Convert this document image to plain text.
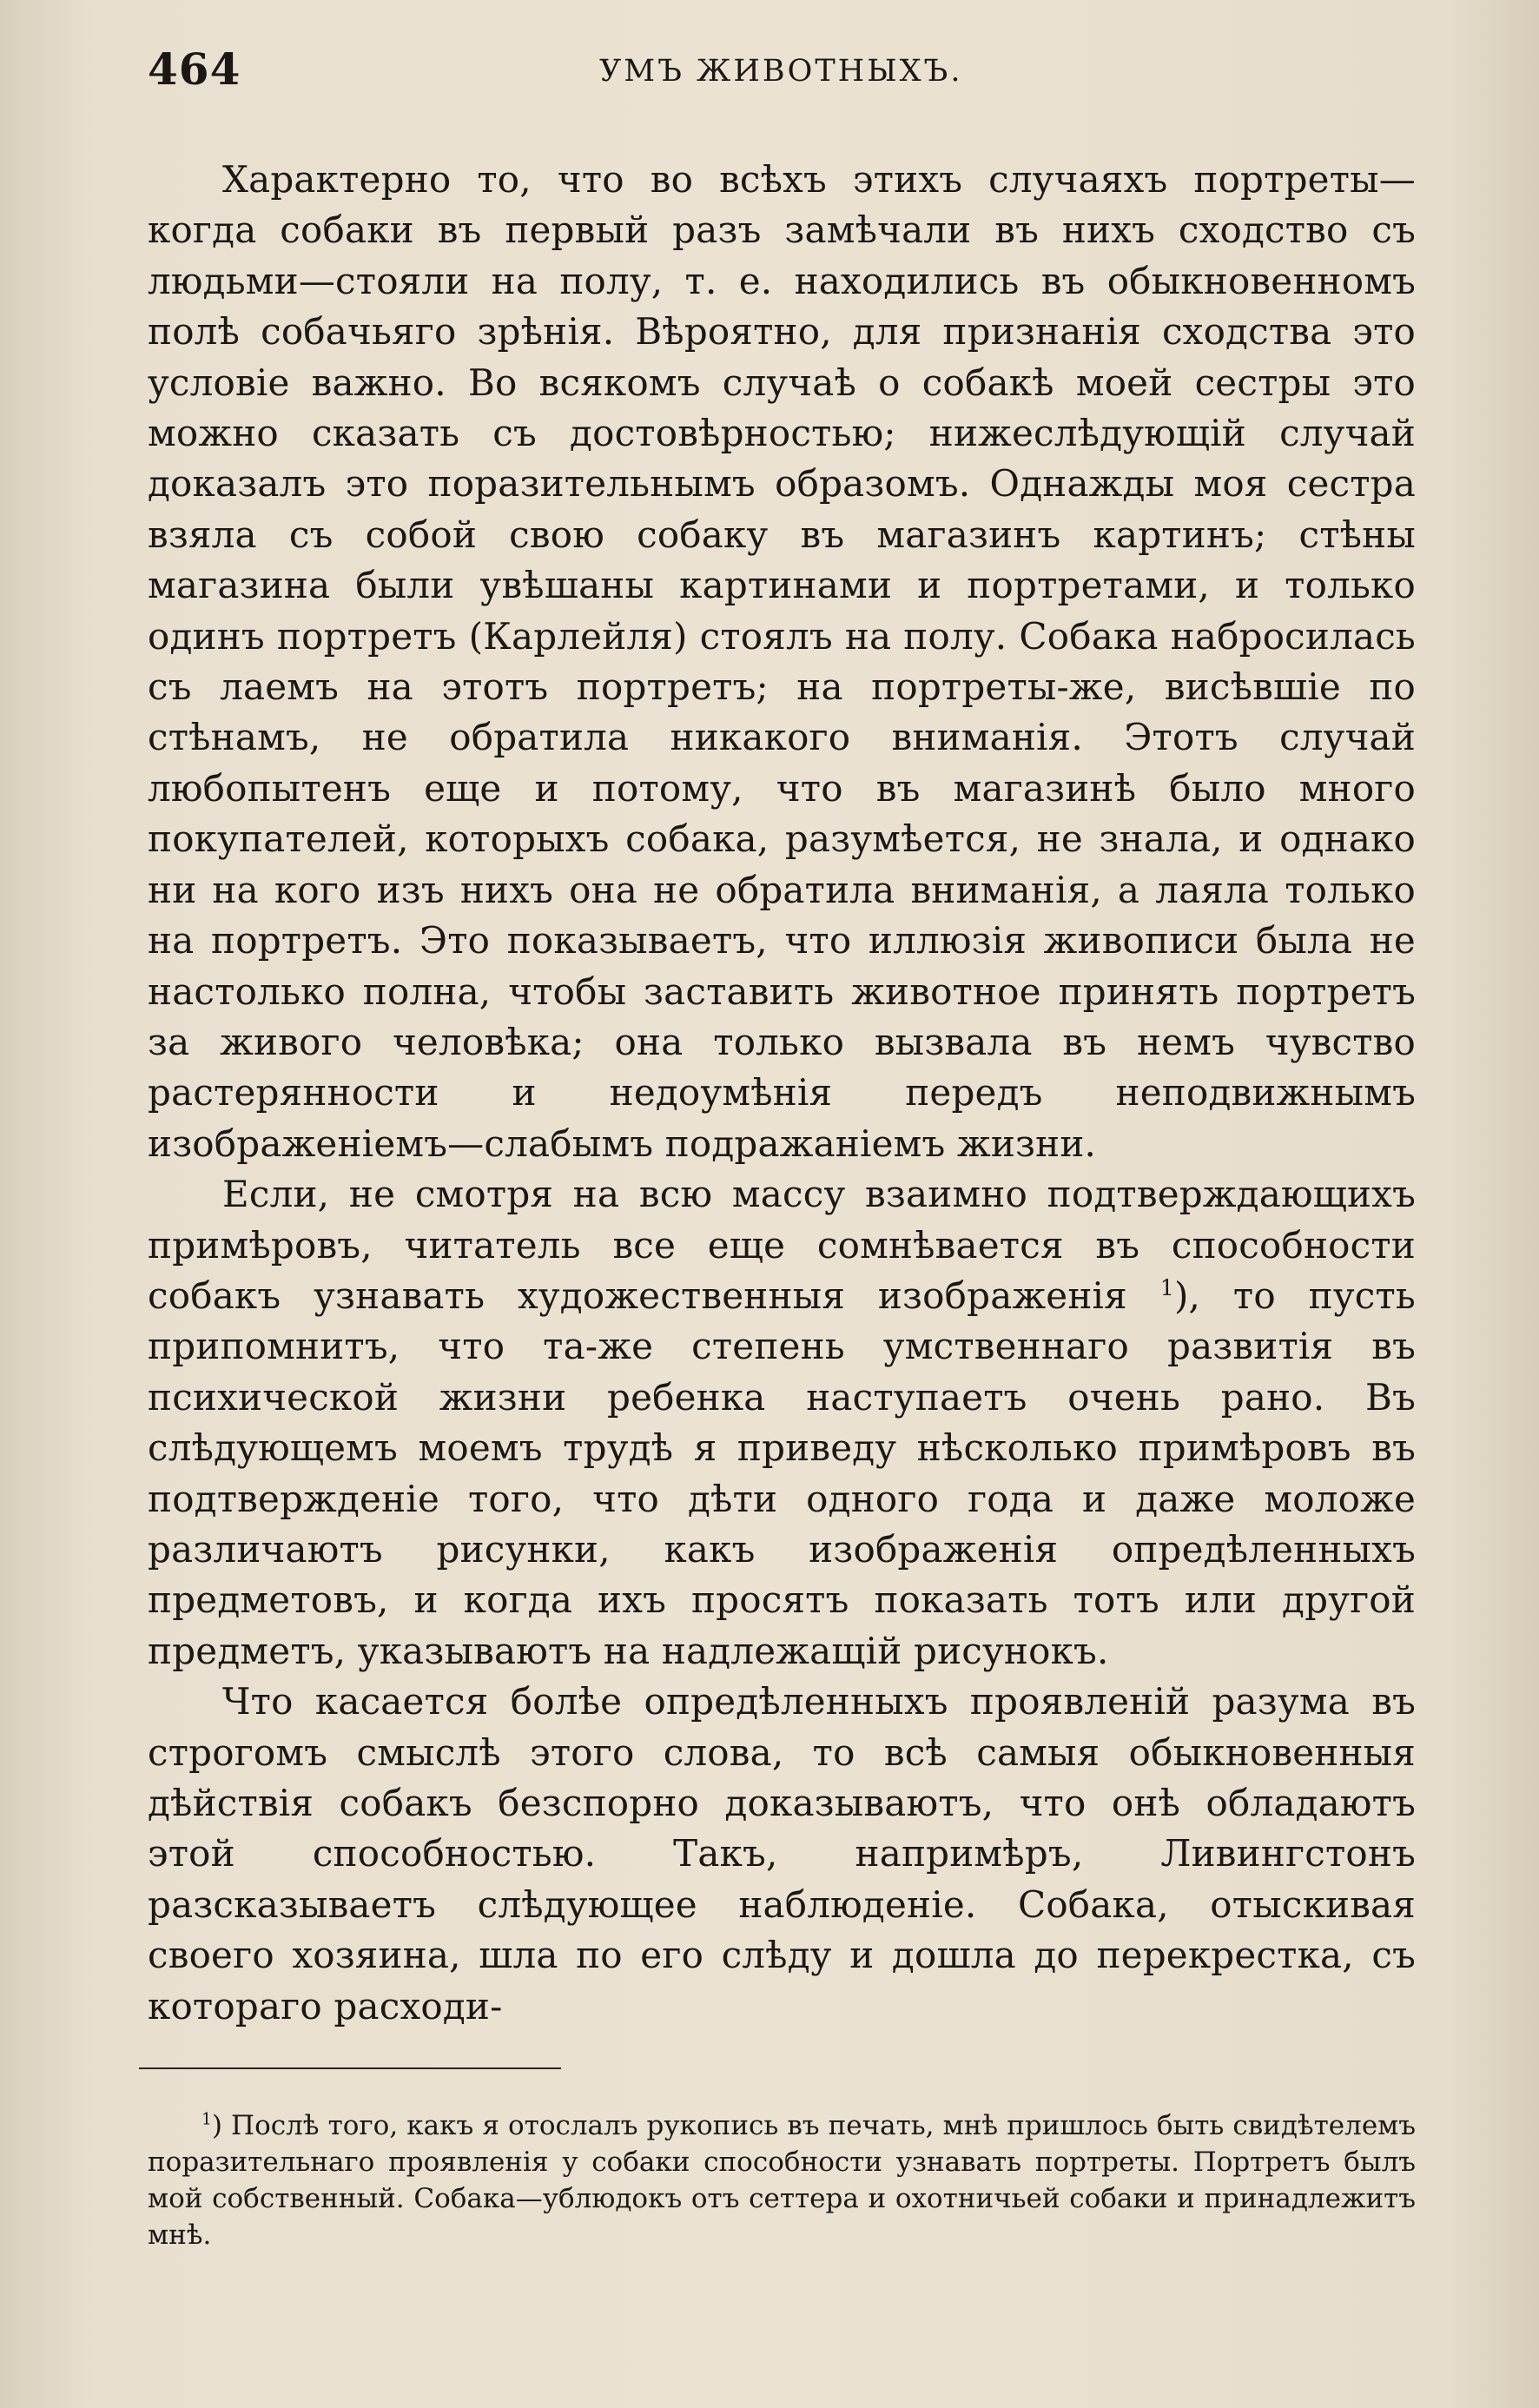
464	УМЪ ЖИВОТНЫХЪ.

Характерно то, что во всѣхъ этихъ случаяхъ портреты—когда собаки въ первый разъ замѣчали въ нихъ сходство съ людьми—стояли на полу, т. е. находились въ обыкновенномъ полѣ собачьяго зрѣнія. Вѣроятно, для признанія сходства это условіе важно. Во всякомъ случаѣ о собакѣ моей сестры это можно сказать съ достовѣрностью; нижеслѣдующій случай доказалъ это поразительнымъ образомъ. Однажды моя сестра взяла съ собой свою собаку въ магазинъ картинъ; стѣны магазина были увѣшаны картинами и портретами, и только одинъ портретъ (Карлейля) стоялъ на полу. Собака набросилась съ лаемъ на этотъ портретъ; на портреты-же, висѣвшіе по стѣнамъ, не обратила никакого вниманія. Этотъ случай любопытенъ еще и потому, что въ магазинѣ было много покупателей, которыхъ собака, разумѣется, не знала, и однако ни на кого изъ нихъ она не обратила вниманія, а лаяла только на портретъ. Это показываетъ, что иллюзія живописи была не настолько полна, чтобы заставить животное принять портретъ за живого человѣка; она только вызвала въ немъ чувство растерянности и недоумѣнія передъ неподвижнымъ изображеніемъ—слабымъ подражаніемъ жизни.

Если, не смотря на всю массу взаимно подтверждающихъ примѣровъ, читатель все еще сомнѣвается въ способности собакъ узнавать художественныя изображенія $^1$), то пусть припомнитъ, что та-же степень умственнаго развитія въ психической жизни ребенка наступаетъ очень рано. Въ слѣдующемъ моемъ трудѣ я приведу нѣсколько примѣровъ въ подтвержденіе того, что дѣти одного года и даже моложе различаютъ рисунки, какъ изображенія опредѣленныхъ предметовъ, и когда ихъ просятъ показать тотъ или другой предметъ, указываютъ на надлежащій рисунокъ.

Что касается болѣе опредѣленныхъ проявленій разума въ строгомъ смыслѣ этого слова, то всѣ самыя обыкновенныя дѣйствія собакъ безспорно доказываютъ, что онѣ обладаютъ этой способностью. Такъ, напримѣръ, Ливингстонъ разсказываетъ слѣдующее наблюденіе. Собака, отыскивая своего хозяина, шла по его слѣду и дошла до перекрестка, съ котораго расходи-

$^1$) Послѣ того, какъ я отослалъ рукопись въ печать, мнѣ пришлось быть свидѣтелемъ поразительнаго проявленія у собаки способности узнавать портреты. Портретъ былъ мой собственный. Собака—ублюдокъ отъ сеттера и охотничьей собаки и принадлежитъ мнѣ.
